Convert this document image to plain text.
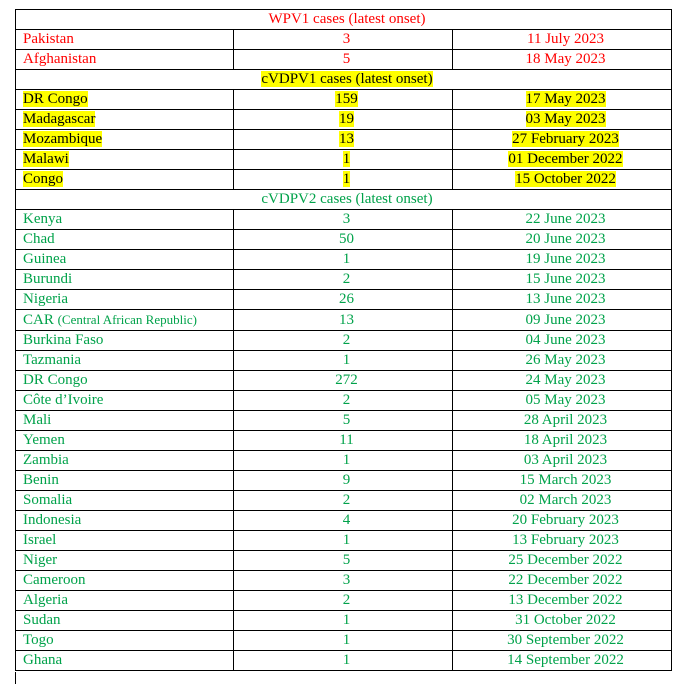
WPV1 cases (latest onset)		
Pakistan	3	11 July 2023
Afghanistan	5	18 May 2023
cVDPV1 cases (latest onset)		
DR Congo	159	17 May 2023
Madagascar	19	03 May 2023
Mozambique	13	27 February 2023
Malawi	1	01 December 2022
Congo	1	15 October 2022
cVDPV2 cases (latest onset)		
Kenya	3	22 June 2023
Chad	50	20 June 2023
Guinea	1	19 June 2023
Burundi	2	15 June 2023
Nigeria	26	13 June 2023
CAR (Central African Republic)	13	09 June 2023
Burkina Faso	2	04 June 2023
Tazmania	1	26 May 2023
DR Congo	272	24 May 2023
Côte d’Ivoire	2	05 May 2023
Mali	5	28 April 2023
Yemen	11	18 April 2023
Zambia	1	03 April 2023
Benin	9	15 March 2023
Somalia	2	02 March 2023
Indonesia	4	20 February 2023
Israel	1	13 February 2023
Niger	5	25 December 2022
Cameroon	3	22 December 2022
Algeria	2	13 December 2022
Sudan	1	31 October 2022
Togo	1	30 September 2022
Ghana	1	14 September 2022
